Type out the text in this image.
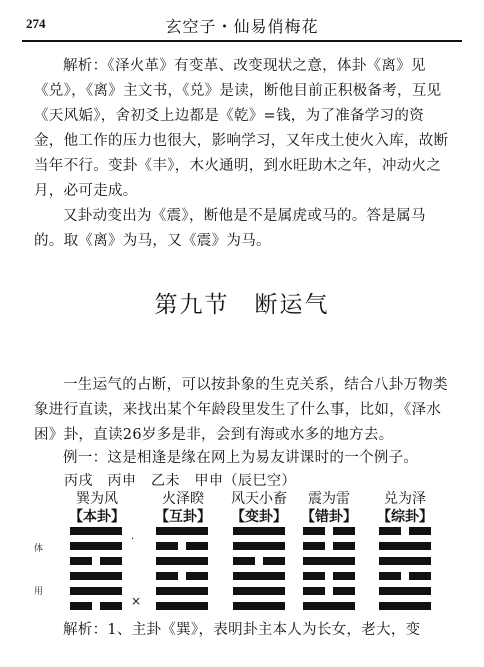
274	玄空子・仙易俏梅花

解析：《泽火革》有变革、改变现状之意，体卦《离》见《兑》，《离》主文书，《兑》是读，断他目前正积极备考，互见《天风姤》，舍初爻上边都是《乾》=钱，为了准备学习的资金，他工作的压力也很大，影响学习，又年戌土使火入库，故断当年不行。变卦《丰》，木火通明，到水旺助木之年，冲动火之月，必可走成。

又卦动变出为《震》，断他是不是属虎或马的。答是属马的。取《离》为马，又《震》为马。

第九节　断运气

一生运气的占断，可以按卦象的生克关系，结合八卦万物类象进行直读，来找出某个年龄段里发生了什么事，比如，《泽水困》卦，直读26岁多是非，会到有海或水多的地方去。

例一：这是相逢是缘在网上为易友讲课时的一个例子。

丙戌　丙申　乙未　甲申（辰巳空）
巽为风
【本卦】
火泽睽
【互卦】
风天小畜
【变卦】
震为雷
【错卦】
兑为泽
【综卦】
体
用
·
×

解析：1、主卦《巽》，表明卦主本人为长女，老大，变
